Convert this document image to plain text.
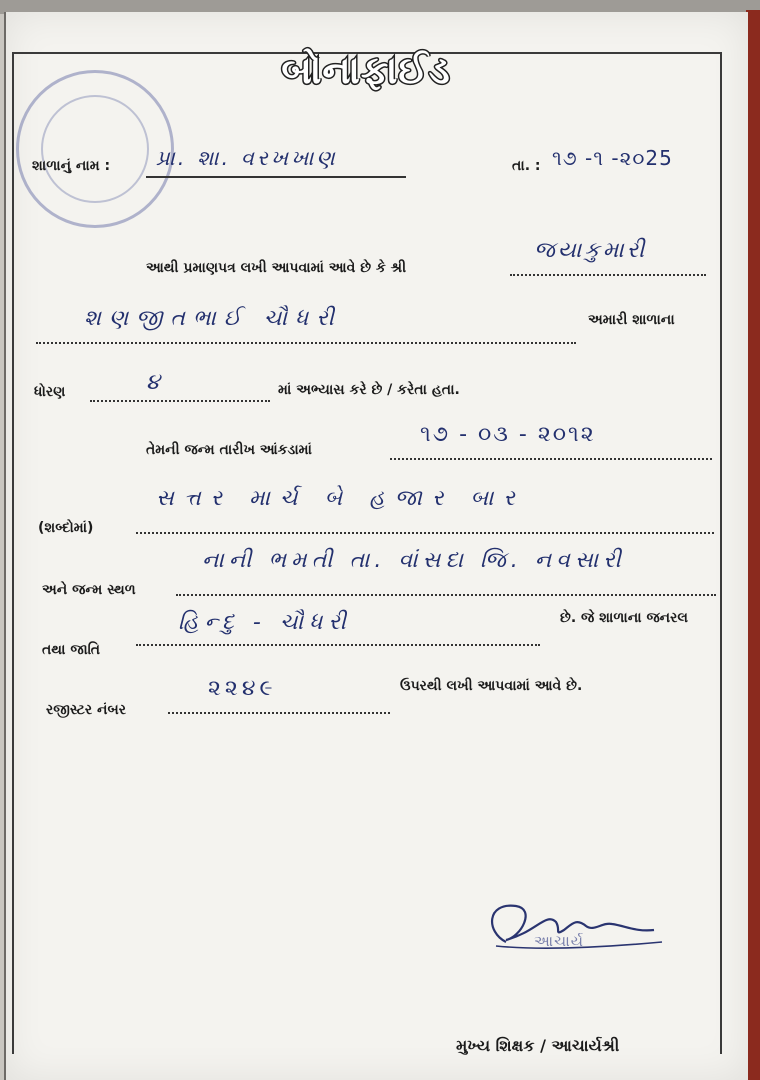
બોનાફાઈડ
શાળાનું નામ : પ્રા. શા. વરખખાણ	તા. : ૧૭ -૧ -૨૦25
આથી પ્રમાણપત્ર લખી આપવામાં આવે છે કે શ્રી
જયાકુમારી
શણજીતભાઈ ચૌધરી	અમારી શાળાના
ધોરણ	૪	માં અભ્યાસ કરે છે / કરેતા હતા.
તેમની જન્મ તારીખ આંકડામાં
૧૭ - ૦૩ - ૨૦૧૨
(શબ્દોમાં)
સત્તર માર્ચ બે હજાર બાર
અને જન્મ સ્થળ
નાની ભમતી તા. વાંસદા જિ. નવસારી
તથા જાતિ
હિન્દુ - ચૌધરી	છે. જે શાળાના જનરલ
રજીસ્ટર નંબર
૨૨૪૯	ઉપરથી લખી આપવામાં આવે છે.
આચાર્ય
મુખ્ય શિક્ષક / આચાર્યશ્રી
